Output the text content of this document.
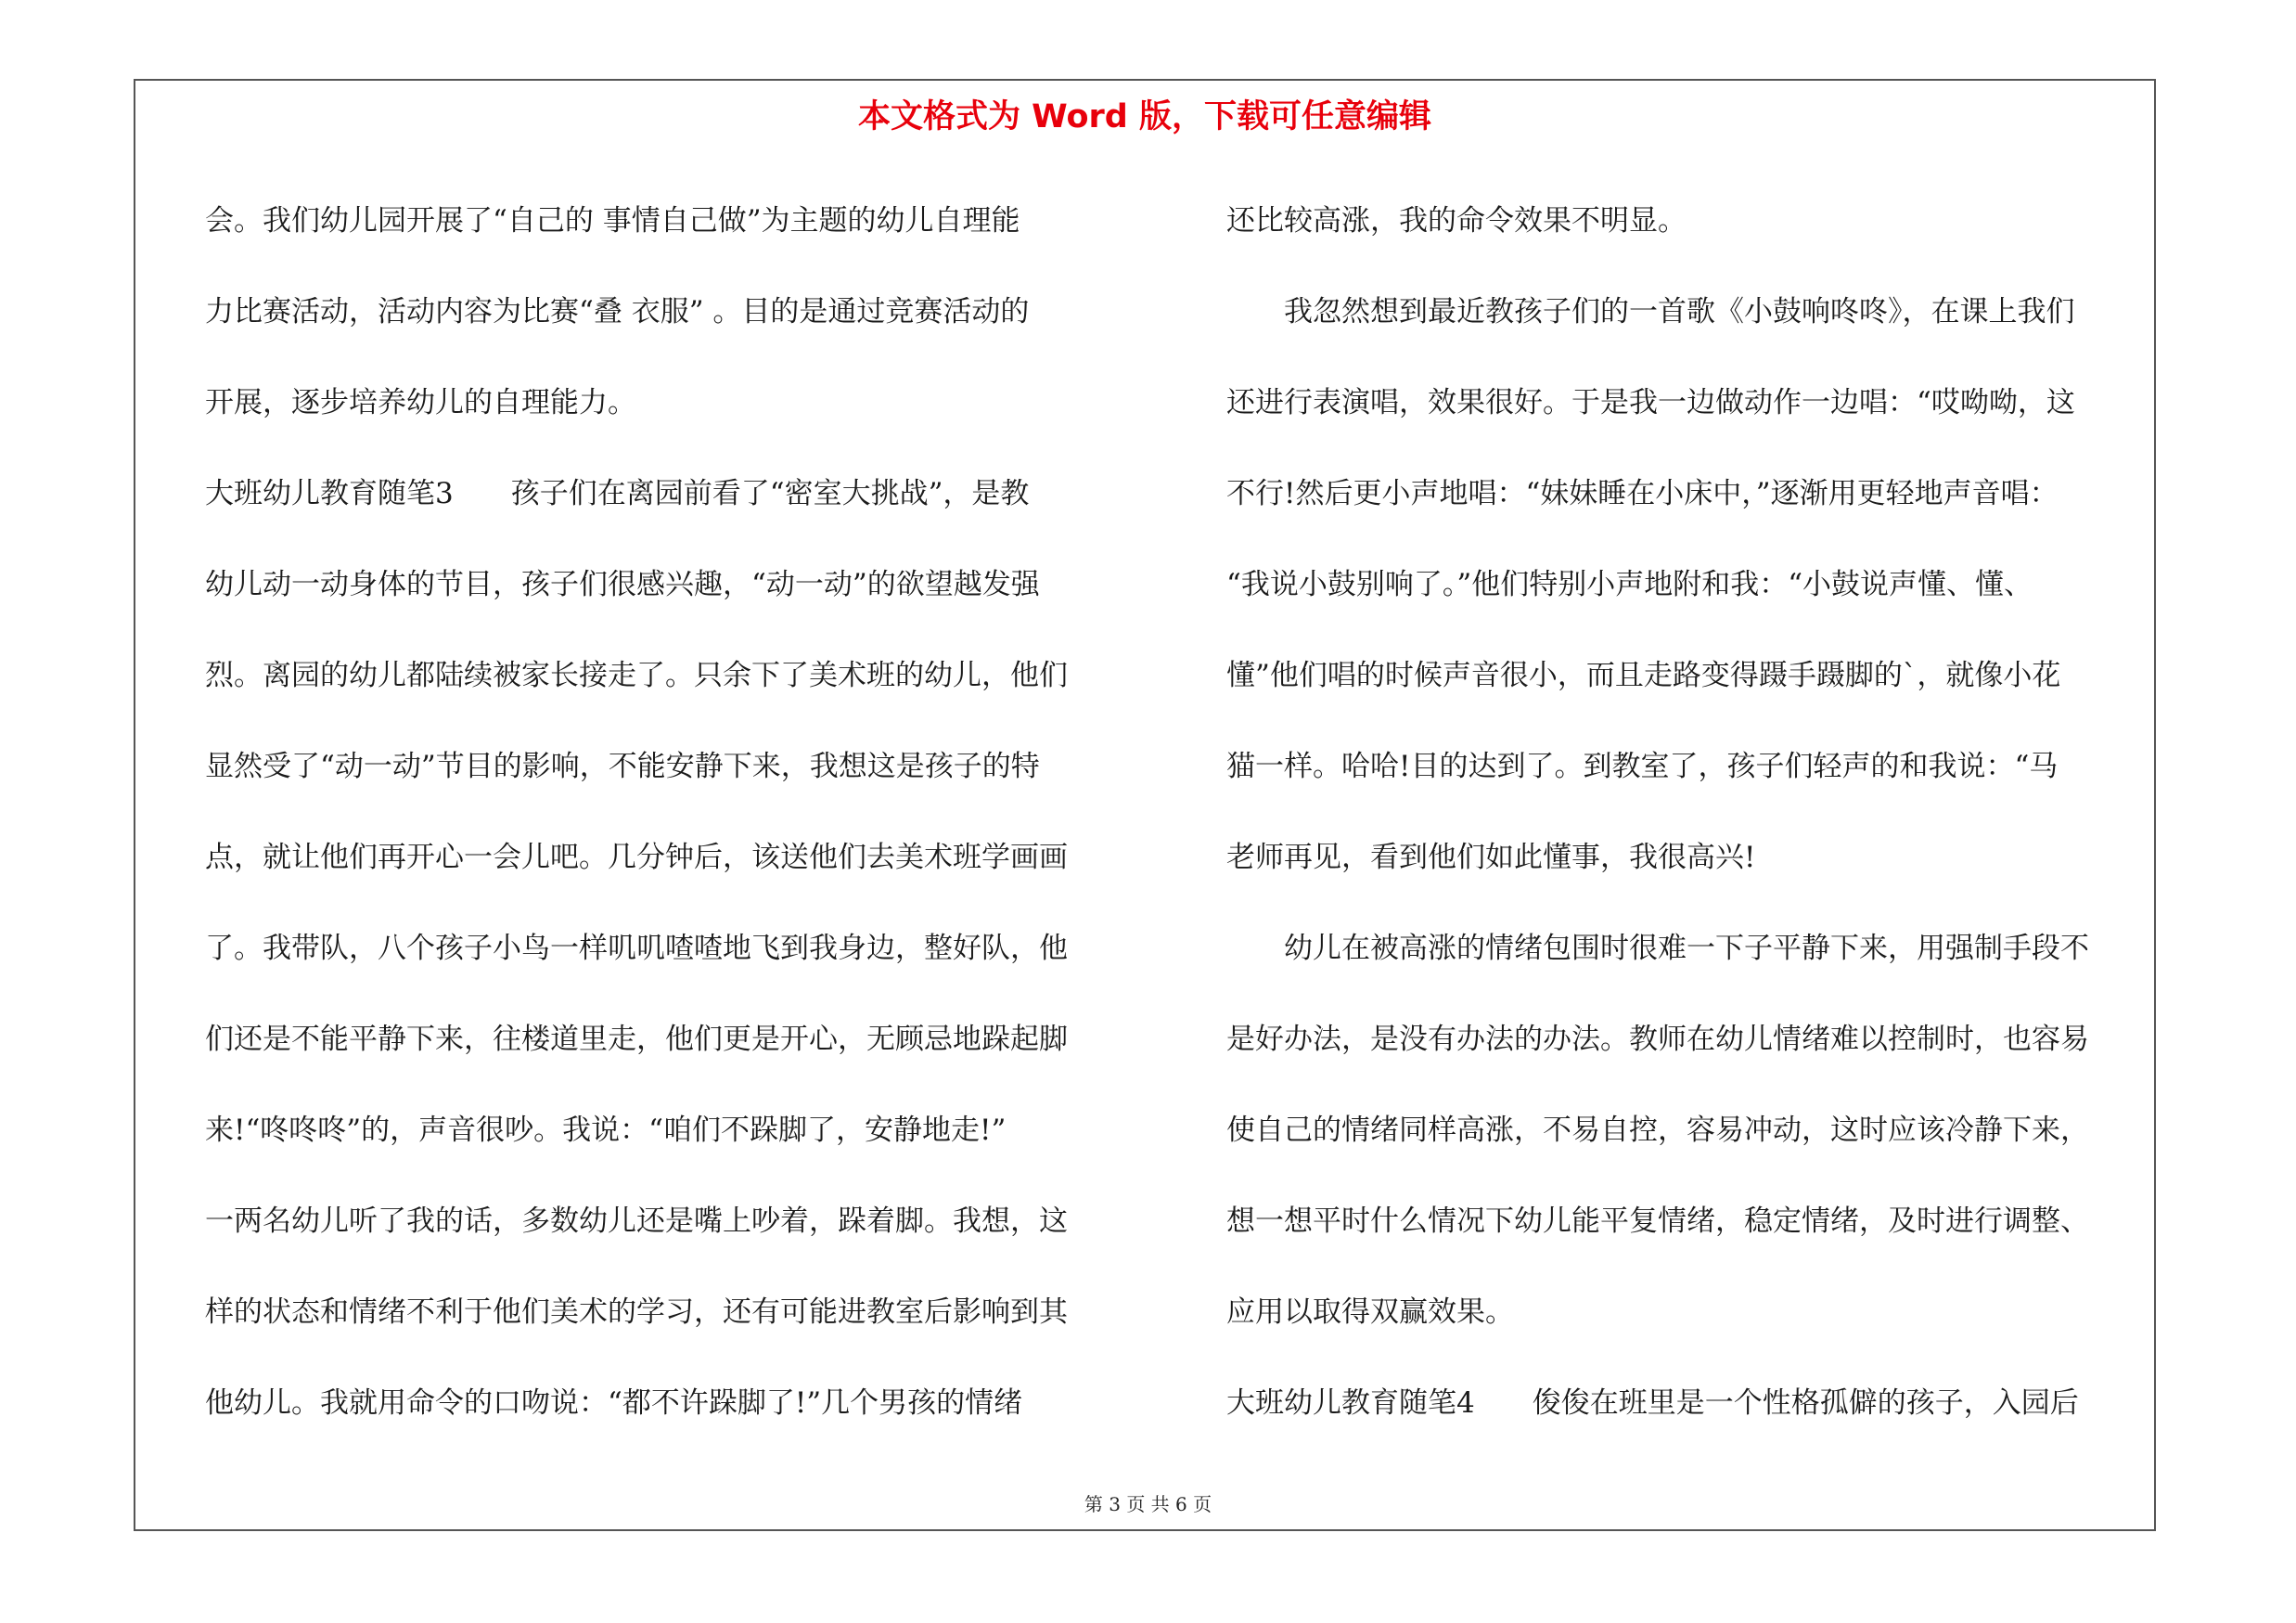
本文格式为 Word 版，下载可任意编辑
会。我们幼儿园开展了“自己的 事情自己做”为主题的幼儿自理能
力比赛活动，活动内容为比赛“叠 衣服” 。目的是通过竞赛活动的
开展，逐步培养幼儿的自理能力。
大班幼儿教育随笔3　　孩子们在离园前看了“密室大挑战”，是教
幼儿动一动身体的节目，孩子们很感兴趣，“动一动”的欲望越发强
烈。离园的幼儿都陆续被家长接走了。只余下了美术班的幼儿，他们
显然受了“动一动”节目的影响，不能安静下来，我想这是孩子的特
点，就让他们再开心一会儿吧。几分钟后，该送他们去美术班学画画
了。我带队，八个孩子小鸟一样叽叽喳喳地飞到我身边，整好队，他
们还是不能平静下来，往楼道里走，他们更是开心，无顾忌地跺起脚
来!“咚咚咚”的，声音很吵。我说：“咱们不跺脚了，安静地走!”
一两名幼儿听了我的话，多数幼儿还是嘴上吵着，跺着脚。我想，这
样的状态和情绪不利于他们美术的学习，还有可能进教室后影响到其
他幼儿。我就用命令的口吻说：“都不许跺脚了!”几个男孩的情绪
还比较高涨，我的命令效果不明显。
　　我忽然想到最近教孩子们的一首歌《小鼓响咚咚》，在课上我们
还进行表演唱，效果很好。于是我一边做动作一边唱：“哎呦呦，这
不行!然后更小声地唱：“妹妹睡在小床中，”逐渐用更轻地声音唱：
“我说小鼓别响了。”他们特别小声地附和我：“小鼓说声懂、懂、
懂”他们唱的时候声音很小，而且走路变得蹑手蹑脚的`，就像小花
猫一样。哈哈!目的达到了。到教室了，孩子们轻声的和我说：“马
老师再见，看到他们如此懂事，我很高兴!
　　幼儿在被高涨的情绪包围时很难一下子平静下来，用强制手段不
是好办法，是没有办法的办法。教师在幼儿情绪难以控制时，也容易
使自己的情绪同样高涨，不易自控，容易冲动，这时应该冷静下来，
想一想平时什么情况下幼儿能平复情绪，稳定情绪，及时进行调整、
应用以取得双赢效果。
大班幼儿教育随笔4　　俊俊在班里是一个性格孤僻的孩子，入园后
第 3 页 共 6 页
